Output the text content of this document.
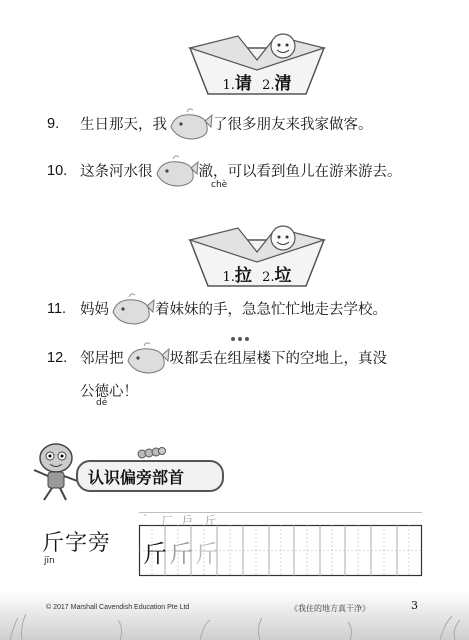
1.请 2.清
9. 生日那天，我	了很多朋友来我家做客。
10. 这条河水很	澈，可以看到鱼儿在游来游去。
chè
1.拉 2.垃
11. 妈妈	着妹妹的手，急急忙忙地走去学校。
12. 邻居把	圾都丢在组屋楼下的空地上，真没
公德心！
dé
认识偏旁部首
斤字旁
jīn
′ 厂 戶 斤
斤 斤 斤
© 2017 Marshall Cavendish Education Pte Ltd	《我住的地方真干净》	3
